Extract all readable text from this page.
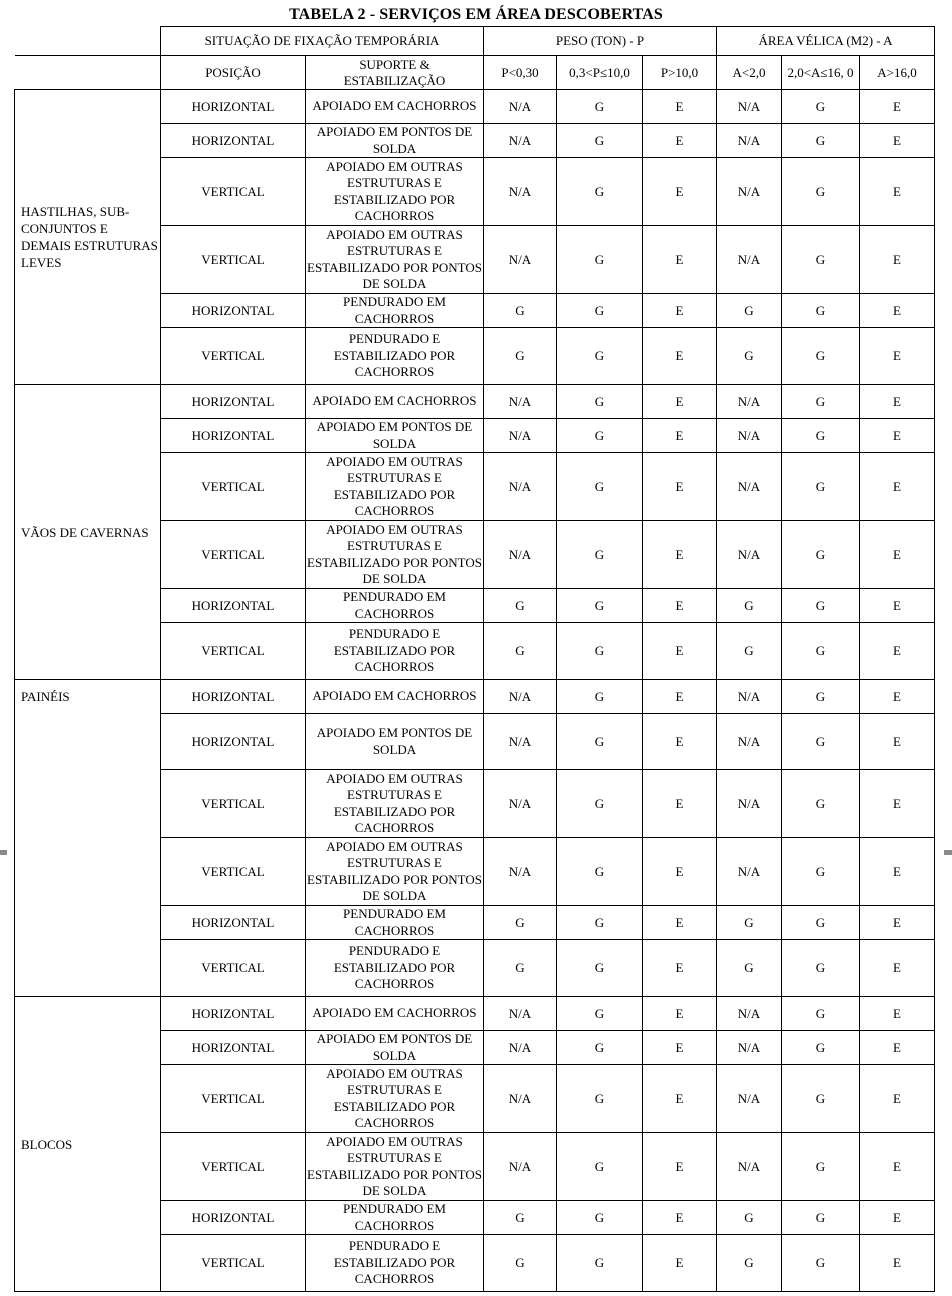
TABELA 2 - SERVIÇOS EM ÁREA DESCOBERTAS
	SITUAÇÃO DE FIXAÇÃO TEMPORÁRIA		PESO (TON) - P			ÁREA VÉLICA (M2) - A		
	POSIÇÃO	SUPORTE & ESTABILIZAÇÃO	P<0,30	0,3<P≤10,0	P>10,0	A<2,0	2,0<A≤16, 0	A>16,0
HASTILHAS, SUB-CONJUNTOS E DEMAIS ESTRUTURAS LEVES	HORIZONTAL	APOIADO EM CACHORROS	N/A	G	E	N/A	G	E
	HORIZONTAL	APOIADO EM PONTOS DE SOLDA	N/A	G	E	N/A	G	E
	VERTICAL	APOIADO EM OUTRAS ESTRUTURAS E ESTABILIZADO POR CACHORROS	N/A	G	E	N/A	G	E
	VERTICAL	APOIADO EM OUTRAS ESTRUTURAS E ESTABILIZADO POR PONTOS DE SOLDA	N/A	G	E	N/A	G	E
	HORIZONTAL	PENDURADO EM CACHORROS	G	G	E	G	G	E
	VERTICAL	PENDURADO E ESTABILIZADO POR CACHORROS	G	G	E	G	G	E
VÃOS DE CAVERNAS	HORIZONTAL	APOIADO EM CACHORROS	N/A	G	E	N/A	G	E
	HORIZONTAL	APOIADO EM PONTOS DE SOLDA	N/A	G	E	N/A	G	E
	VERTICAL	APOIADO EM OUTRAS ESTRUTURAS E ESTABILIZADO POR CACHORROS	N/A	G	E	N/A	G	E
	VERTICAL	APOIADO EM OUTRAS ESTRUTURAS E ESTABILIZADO POR PONTOS DE SOLDA	N/A	G	E	N/A	G	E
	HORIZONTAL	PENDURADO EM CACHORROS	G	G	E	G	G	E
	VERTICAL	PENDURADO E ESTABILIZADO POR CACHORROS	G	G	E	G	G	E
PAINÉIS	HORIZONTAL	APOIADO EM CACHORROS	N/A	G	E	N/A	G	E
	HORIZONTAL	APOIADO EM PONTOS DE SOLDA	N/A	G	E	N/A	G	E
	VERTICAL	APOIADO EM OUTRAS ESTRUTURAS E ESTABILIZADO POR CACHORROS	N/A	G	E	N/A	G	E
	VERTICAL	APOIADO EM OUTRAS ESTRUTURAS E ESTABILIZADO POR PONTOS DE SOLDA	N/A	G	E	N/A	G	E
	HORIZONTAL	PENDURADO EM CACHORROS	G	G	E	G	G	E
	VERTICAL	PENDURADO E ESTABILIZADO POR CACHORROS	G	G	E	G	G	E
BLOCOS	HORIZONTAL	APOIADO EM CACHORROS	N/A	G	E	N/A	G	E
	HORIZONTAL	APOIADO EM PONTOS DE SOLDA	N/A	G	E	N/A	G	E
	VERTICAL	APOIADO EM OUTRAS ESTRUTURAS E ESTABILIZADO POR CACHORROS	N/A	G	E	N/A	G	E
	VERTICAL	APOIADO EM OUTRAS ESTRUTURAS E ESTABILIZADO POR PONTOS DE SOLDA	N/A	G	E	N/A	G	E
	HORIZONTAL	PENDURADO EM CACHORROS	G	G	E	G	G	E
	VERTICAL	PENDURADO E ESTABILIZADO POR CACHORROS	G	G	E	G	G	E
